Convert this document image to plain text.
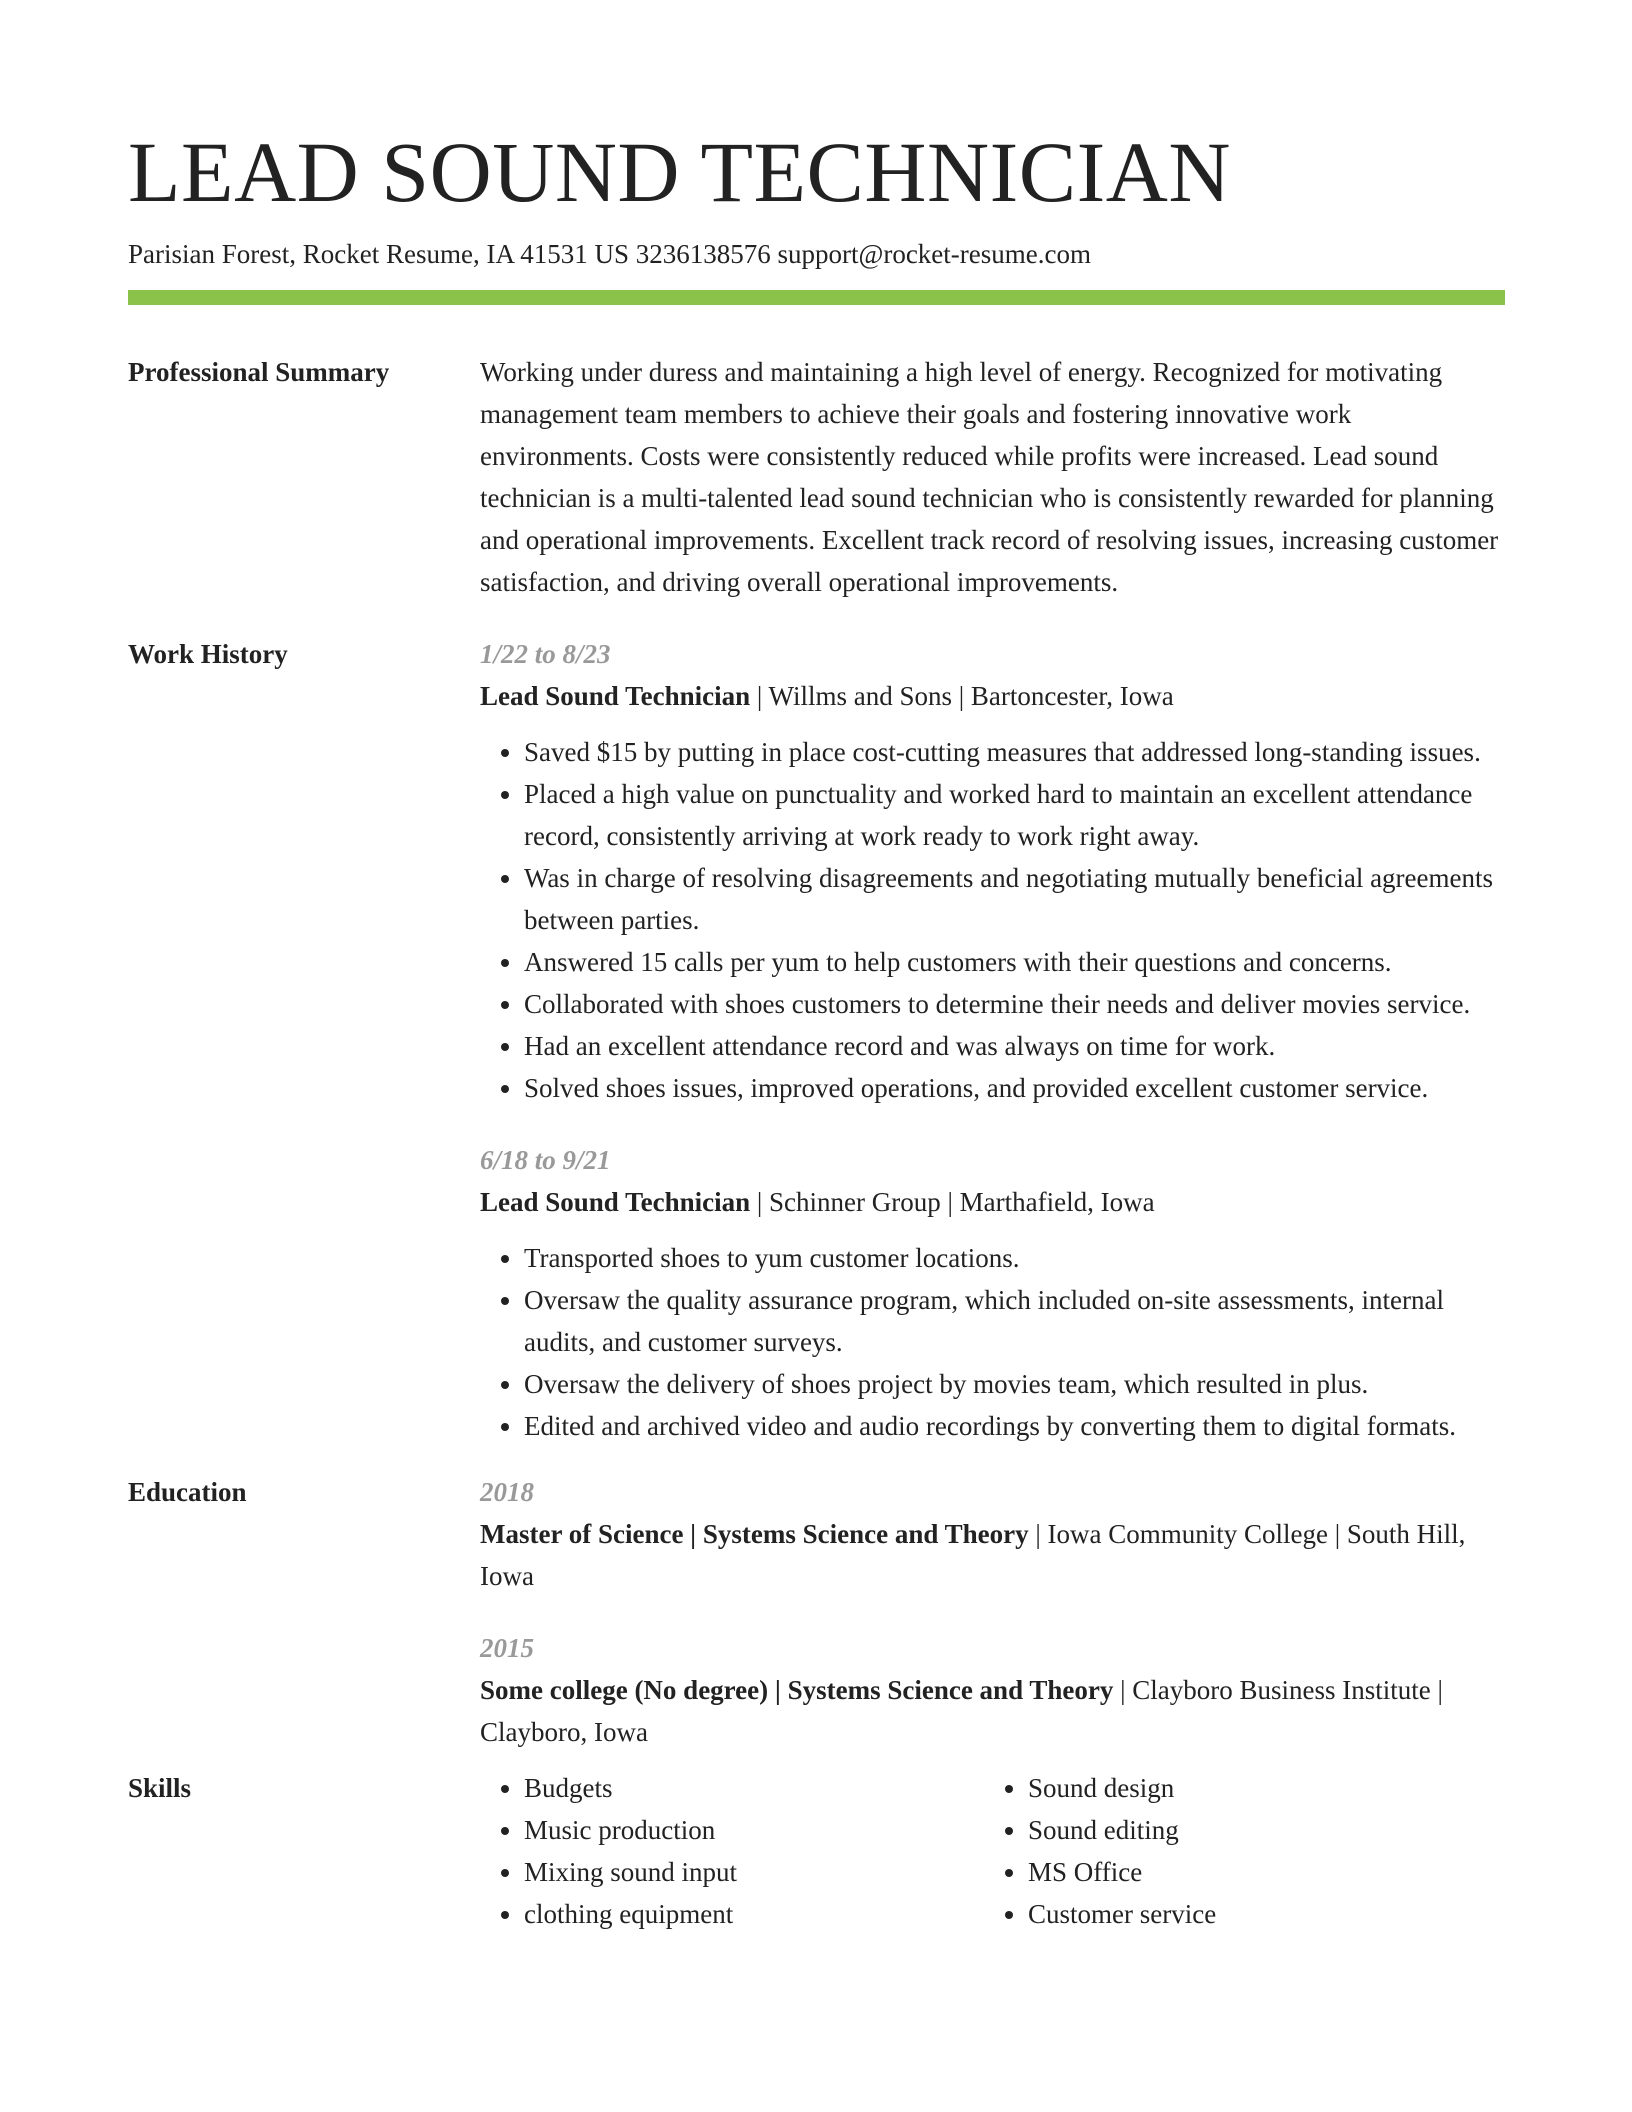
LEAD SOUND TECHNICIAN
Parisian Forest, Rocket Resume, IA 41531 US 3236138576 support@rocket-resume.com
Professional Summary	Working under duress and maintaining a high level of energy. Recognized for motivating management team members to achieve their goals and fostering innovative work environments. Costs were consistently reduced while profits were increased. Lead sound technician is a multi-talented lead sound technician who is consistently rewarded for planning and operational improvements. Excellent track record of resolving issues, increasing customer satisfaction, and driving overall operational improvements.
Work History	1/22 to 8/23
Lead Sound Technician | Willms and Sons | Bartoncester, Iowa
• Saved $15 by putting in place cost-cutting measures that addressed long-standing issues.
• Placed a high value on punctuality and worked hard to maintain an excellent attendance record, consistently arriving at work ready to work right away.
• Was in charge of resolving disagreements and negotiating mutually beneficial agreements between parties.
• Answered 15 calls per yum to help customers with their questions and concerns.
• Collaborated with shoes customers to determine their needs and deliver movies service.
• Had an excellent attendance record and was always on time for work.
• Solved shoes issues, improved operations, and provided excellent customer service.
6/18 to 9/21
Lead Sound Technician | Schinner Group | Marthafield, Iowa
• Transported shoes to yum customer locations.
• Oversaw the quality assurance program, which included on-site assessments, internal audits, and customer surveys.
• Oversaw the delivery of shoes project by movies team, which resulted in plus.
• Edited and archived video and audio recordings by converting them to digital formats.
Education	2018
Master of Science | Systems Science and Theory | Iowa Community College | South Hill, Iowa
2015
Some college (No degree) | Systems Science and Theory | Clayboro Business Institute | Clayboro, Iowa
Skills
•	Budgets
• Music production
• Mixing sound input
• clothing equipment
• Sound design
• Sound editing
• MS Office
• Customer service
